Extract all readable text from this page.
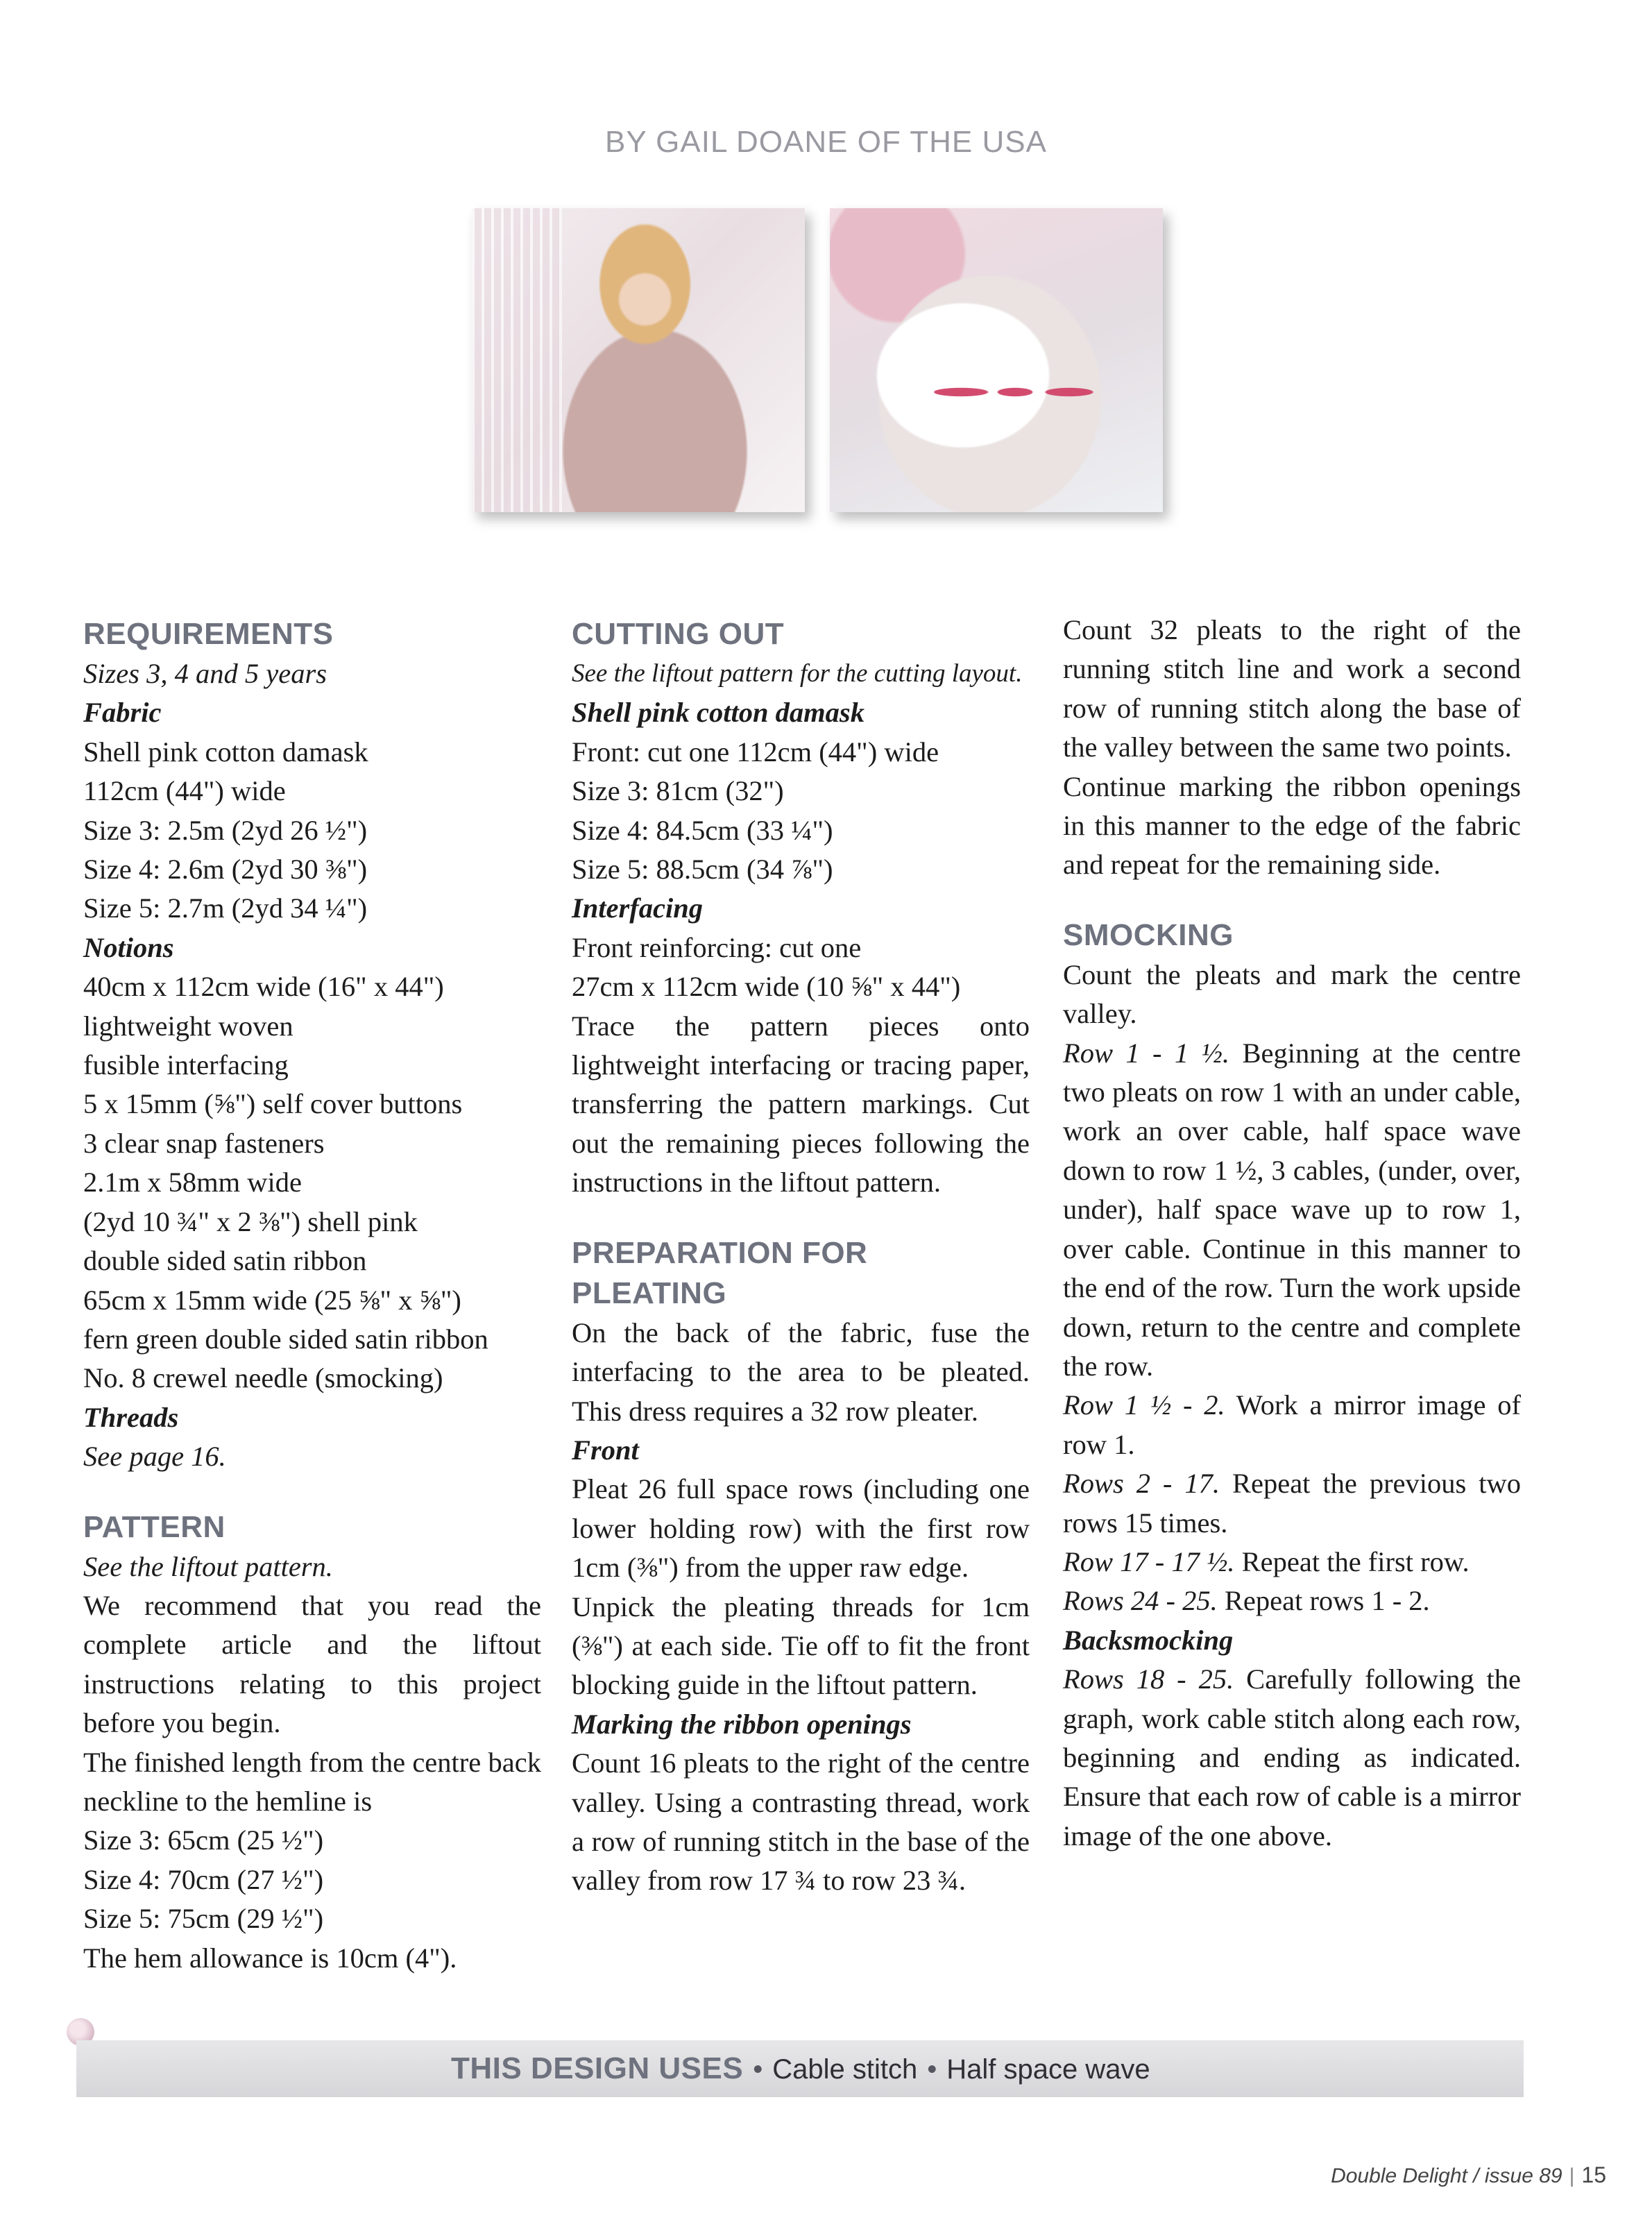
BY GAIL DOANE OF THE USA
REQUIREMENTS

Sizes 3, 4 and 5 years

Fabric

Shell pink cotton damask

112cm (44") wide

Size 3: 2.5m (2yd 26 ½")

Size 4: 2.6m (2yd 30 ⅜")

Size 5: 2.7m (2yd 34 ¼")

Notions

40cm x 112cm wide (16" x 44")

lightweight woven

fusible interfacing

5 x 15mm (⅝") self cover buttons

3 clear snap fasteners

2.1m x 58mm wide

(2yd 10 ¾" x 2 ⅜") shell pink

double sided satin ribbon

65cm x 15mm wide (25 ⅝" x ⅝")

fern green double sided satin ribbon

No. 8 crewel needle (smocking)

Threads

See page 16.

PATTERN

See the liftout pattern.

We recommend that you read the complete article and the liftout instructions relating to this project before you begin.

The finished length from the centre back neckline to the hemline is

Size 3: 65cm (25 ½")

Size 4: 70cm (27 ½")

Size 5: 75cm (29 ½")

The hem allowance is 10cm (4").

CUTTING OUT

See the liftout pattern for the cutting layout.

Shell pink cotton damask

Front: cut one 112cm (44") wide

Size 3: 81cm (32")

Size 4: 84.5cm (33 ¼")

Size 5: 88.5cm (34 ⅞")

Interfacing

Front reinforcing: cut one

27cm x 112cm wide (10 ⅝" x 44")

Trace the pattern pieces onto lightweight interfacing or tracing paper, transferring the pattern markings. Cut out the remaining pieces following the instructions in the liftout pattern.

PREPARATION FOR PLEATING

On the back of the fabric, fuse the interfacing to the area to be pleated. This dress requires a 32 row pleater.

Front

Pleat 26 full space rows (including one lower holding row) with the first row 1cm (⅜") from the upper raw edge.

Unpick the pleating threads for 1cm (⅜") at each side. Tie off to fit the front blocking guide in the liftout pattern.

Marking the ribbon openings

Count 16 pleats to the right of the centre valley. Using a contrasting thread, work a row of running stitch in the base of the valley from row 17 ¾ to row 23 ¾.

Count 32 pleats to the right of the running stitch line and work a second row of running stitch along the base of the valley between the same two points.

Continue marking the ribbon openings in this manner to the edge of the fabric and repeat for the remaining side.

SMOCKING

Count the pleats and mark the centre valley.

Row 1 - 1 ½. Beginning at the centre two pleats on row 1 with an under cable, work an over cable, half space wave down to row 1 ½, 3 cables, (under, over, under), half space wave up to row 1, over cable. Continue in this manner to the end of the row. Turn the work upside down, return to the centre and complete the row.

Row 1 ½ - 2. Work a mirror image of row 1.

Rows 2 - 17. Repeat the previous two rows 15 times.

Row 17 - 17 ½. Repeat the first row.

Rows 24 - 25. Repeat rows 1 - 2.

Backsmocking

Rows 18 - 25. Carefully following the graph, work cable stitch along each row, beginning and ending as indicated. Ensure that each row of cable is a mirror image of the one above.

THIS DESIGN USES • Cable stitch • Half space wave
Double Delight / issue 89 | 15
